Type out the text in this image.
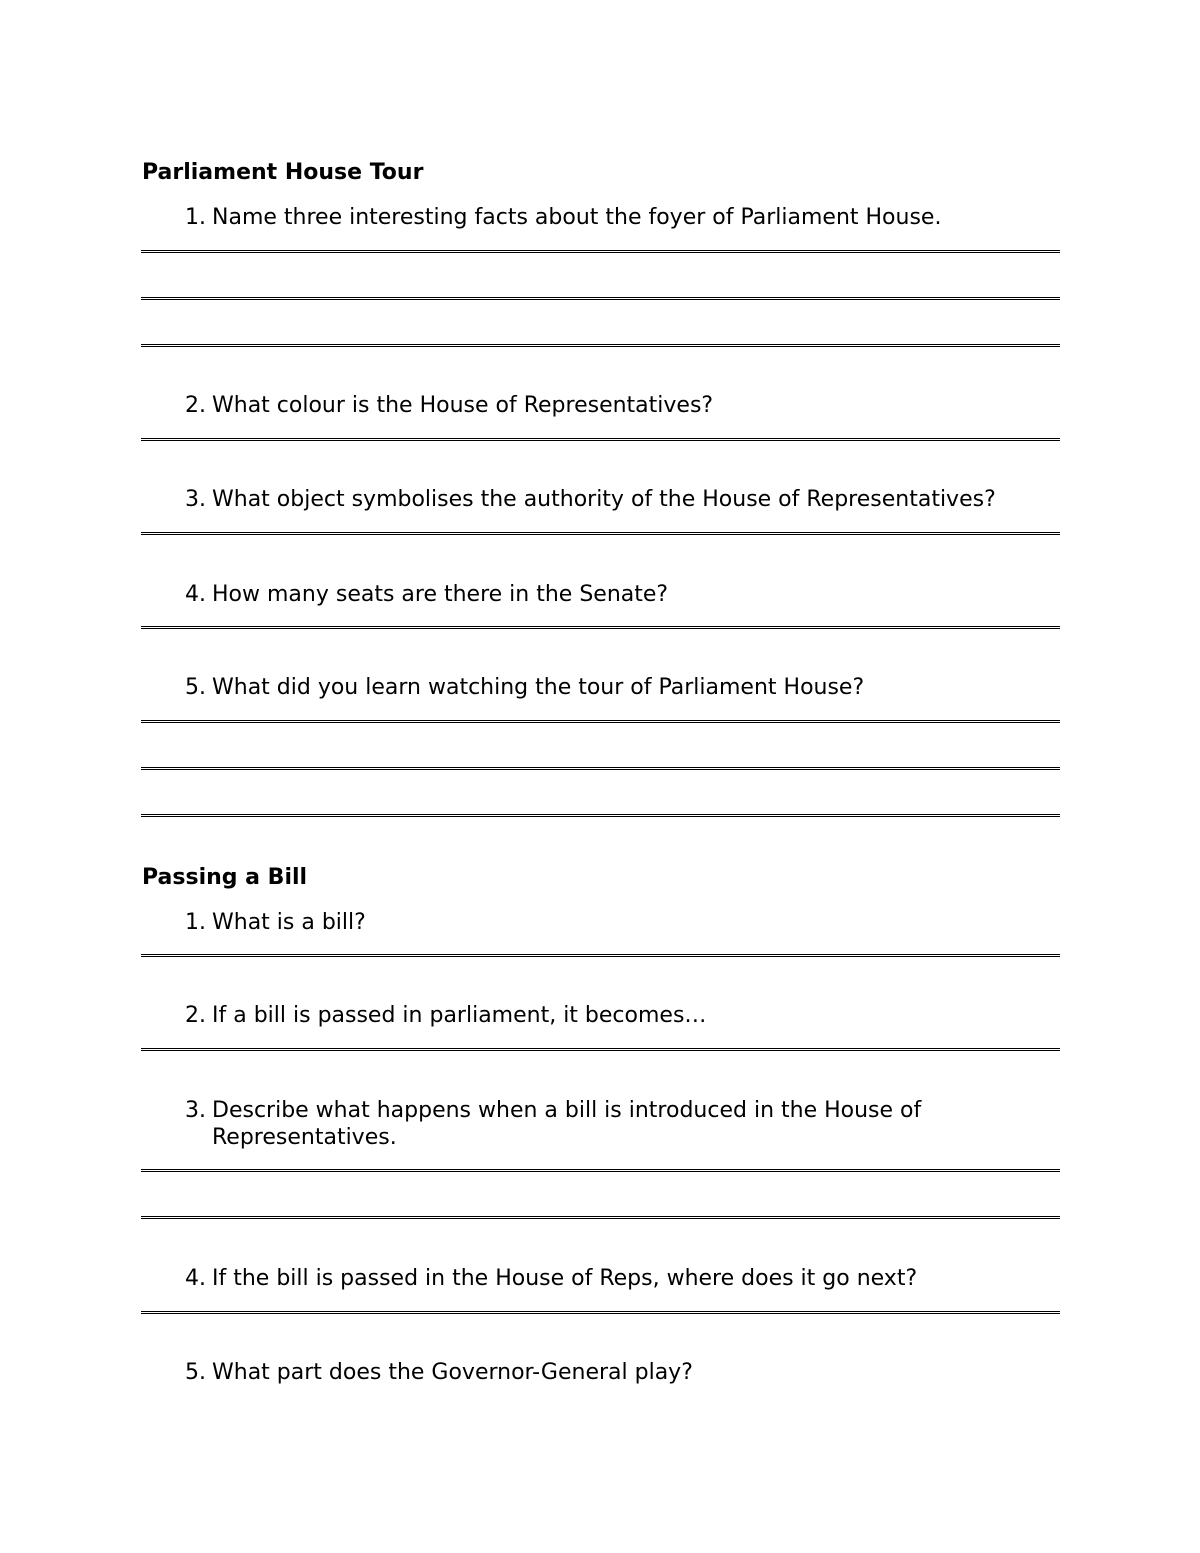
Parliament House Tour
1. Name three interesting facts about the foyer of Parliament House.
2. What colour is the House of Representatives?
3. What object symbolises the authority of the House of Representatives?
4. How many seats are there in the Senate?
5. What did you learn watching the tour of Parliament House?
Passing a Bill
1. What is a bill?
2. If a bill is passed in parliament, it becomes…
3. Describe what happens when a bill is introduced in the House of
Representatives.
4. If the bill is passed in the House of Reps, where does it go next?
5. What part does the Governor-General play?
